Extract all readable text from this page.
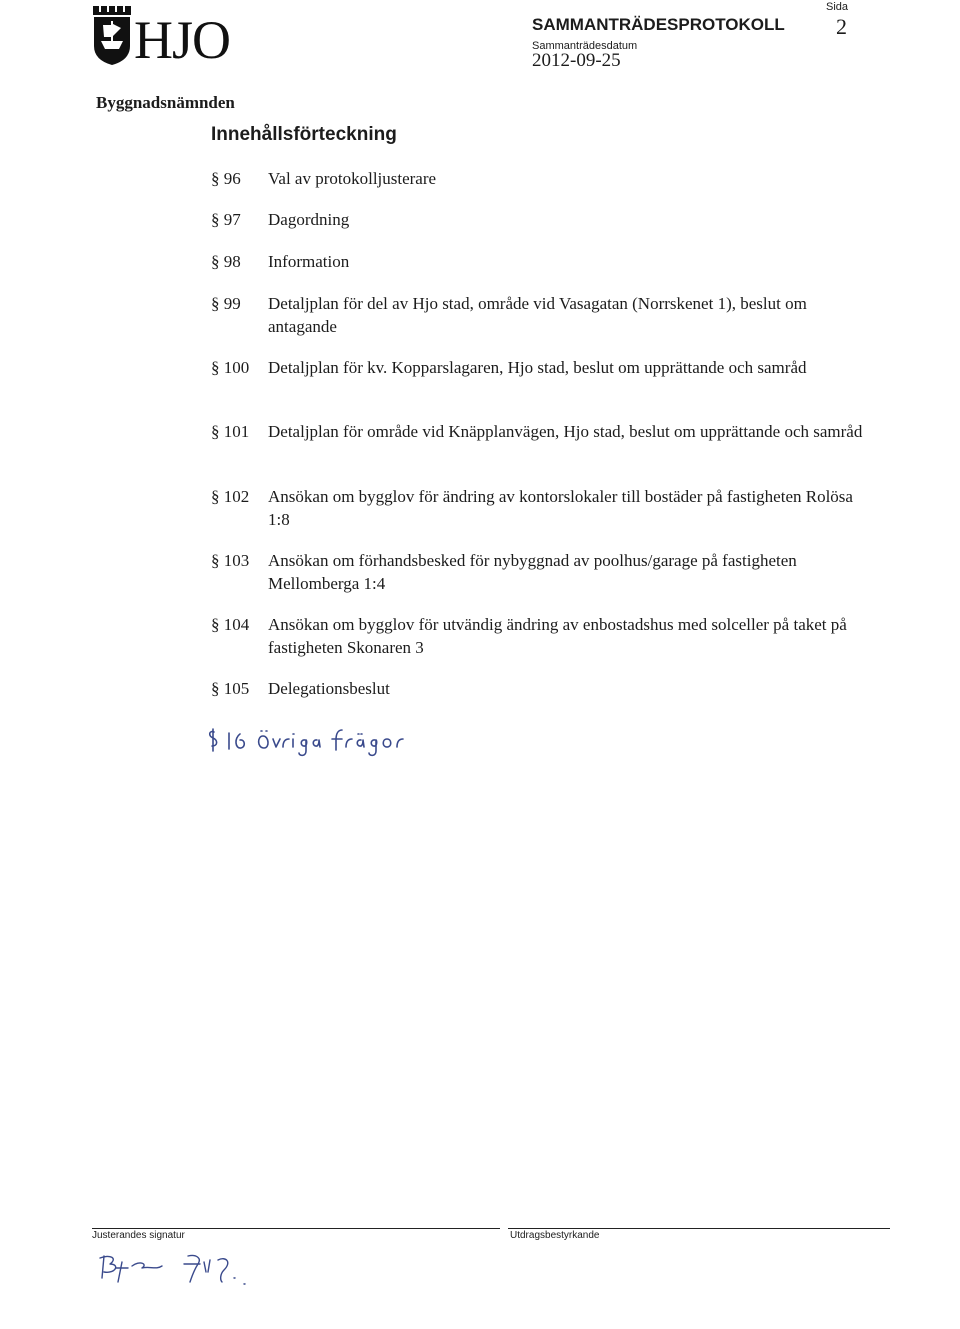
HJO
Sida
2
SAMMANTRÄDESPROTOKOLL
Sammanträdesdatum
2012-09-25
Byggnadsnämnden
Innehållsförteckning
§ 96 Val av protokolljusterare
§ 97 Dagordning
§ 98 Information
§ 99 Detaljplan för del av Hjo stad, område vid Vasagatan (Norrskenet 1), beslut om antagande
§ 100 Detaljplan för kv. Kopparslagaren, Hjo stad, beslut om upprättande och samråd
§ 101 Detaljplan för område vid Knäpplanvägen, Hjo stad, beslut om upprättande och samråd
§ 102 Ansökan om bygglov för ändring av kontorslokaler till bostäder på fastigheten Rolösa 1:8
§ 103 Ansökan om förhandsbesked för nybyggnad av poolhus/garage på fastigheten Mellomberga 1:4
§ 104 Ansökan om bygglov för utvändig ändring av enbostadshus med solceller på taket på fastigheten Skonaren 3
§ 105 Delegationsbeslut
Justerandes signatur	Utdragsbestyrkande
